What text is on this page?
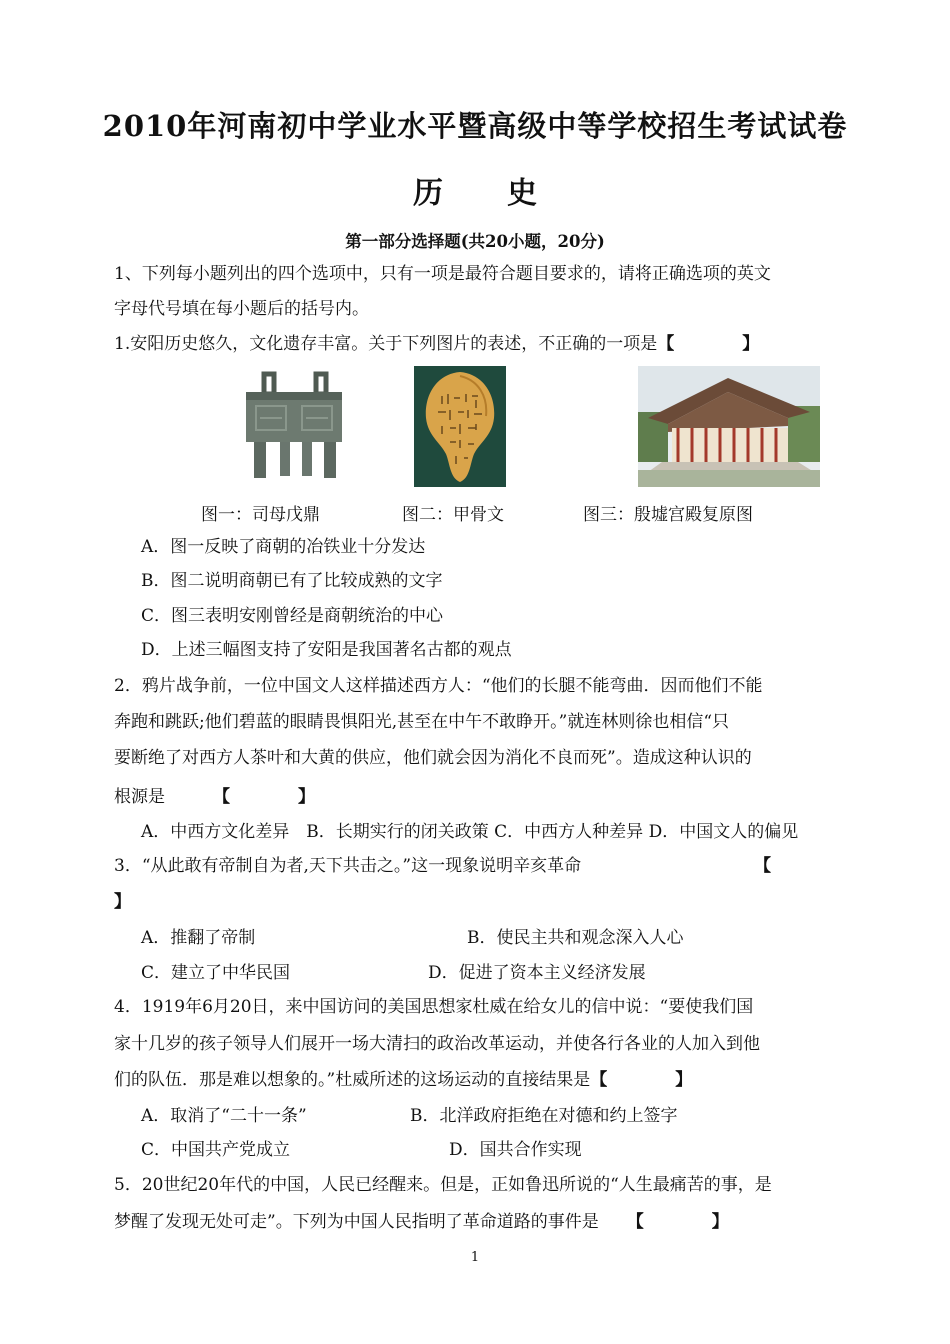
2010年河南初中学业水平暨高级中等学校招生考试试卷
历史
第一部分选择题(共20小题，20分)
1、下列每小题列出的四个选项中，只有一项是最符合题目要求的，请将正确选项的英文
字母代号填在每小题后的括号内。
1.安阳历史悠久，文化遗存丰富。关于下列图片的表述，不正确的一项是【　　　　】
图一：司母戊鼎	图二：甲骨文	图三：殷墟宫殿复原图
A．图一反映了商朝的冶铁业十分发达
B．图二说明商朝已有了比较成熟的文字
C．图三表明安刚曾经是商朝统治的中心
D．上述三幅图支持了安阳是我国著名古都的观点
2．鸦片战争前，一位中国文人这样描述西方人：“他们的长腿不能弯曲．因而他们不能
奔跑和跳跃;他们碧蓝的眼睛畏惧阳光,甚至在中午不敢睁开。”就连林则徐也相信“只
要断绝了对西方人茶叶和大黄的供应，他们就会因为消化不良而死”。造成这种认识的
根源是	【　　　　】
A．中西方文化差异　B．长期实行的闭关政策 C．中西方人种差异 D．中国文人的偏见
3．“从此敢有帝制自为者,天下共击之。”这一现象说明辛亥革命	【
】
A．推翻了帝制	B．使民主共和观念深入人心
C．建立了中华民国	D．促进了资本主义经济发展
4．1919年6月20日，来中国访问的美国思想家杜威在给女儿的信中说：“要使我们国
家十几岁的孩子领导人们展开一场大清扫的政治改革运动，并使各行各业的人加入到他
们的队伍．那是难以想象的。”杜威所述的这场运动的直接结果是【　　　　】
A．取消了“二十一条”	B．北洋政府拒绝在对德和约上签字
C．中国共产党成立	D．国共合作实现
5．20世纪20年代的中国，人民已经醒来。但是，正如鲁迅所说的“人生最痛苦的事，是
梦醒了发现无处可走”。下列为中国人民指明了革命道路的事件是 【　　　　】
1
